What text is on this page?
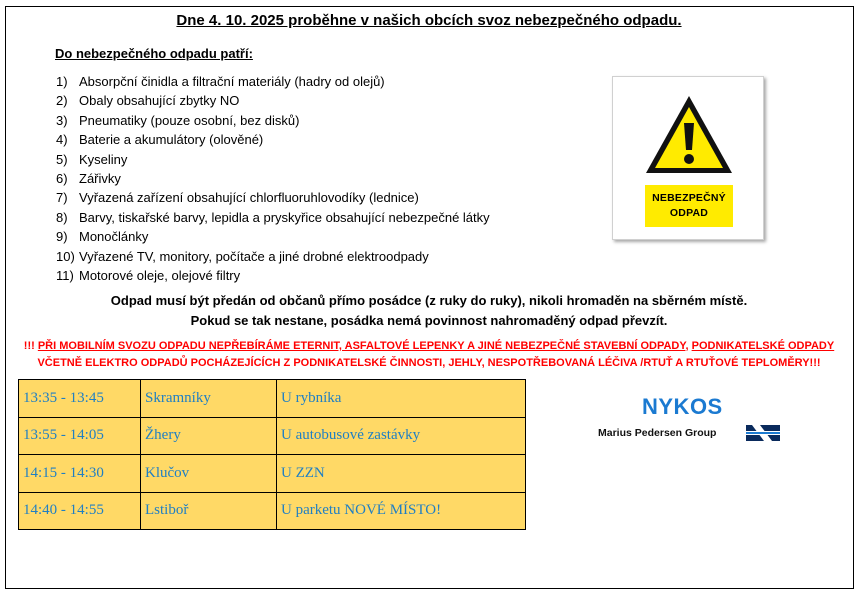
Dne 4. 10. 2025 proběhne v našich obcích svoz nebezpečného odpadu.
Do nebezpečného odpadu patří:
1) Absorpční činidla a filtrační materiály (hadry od olejů)
2) Obaly obsahující zbytky NO
3) Pneumatiky (pouze osobní, bez disků)
4) Baterie a akumulátory (olověné)
5) Kyseliny
6) Zářivky
7) Vyřazená zařízení obsahující chlorfluoruhlovodíky (lednice)
8) Barvy, tiskařské barvy, lepidla a pryskyřice obsahující nebezpečné látky
9) Monočlánky
10) Vyřazené TV, monitory, počítače a jiné drobné elektroodpady
11) Motorové oleje, olejové filtry
NEBEZPEČNÝ
ODPAD
Odpad musí být předán od občanů přímo posádce (z ruky do ruky), nikoli hromaděn na sběrném místě.
Pokud se tak nestane, posádka nemá povinnost nahromaděný odpad převzít.
!!! PŘI MOBILNÍM SVOZU ODPADU NEPŘEBÍRÁME ETERNIT, ASFALTOVÉ LEPENKY A JINÉ NEBEZPEČNÉ STAVEBNÍ ODPADY, PODNIKATELSKÉ ODPADY
VČETNĚ ELEKTRO ODPADŮ POCHÁZEJÍCÍCH Z PODNIKATELSKÉ ČINNOSTI, JEHLY, NESPOTŘEBOVANÁ LÉČIVA /RTUŤ A RTUŤOVÉ TEPLOMĚRY!!!
13:35 - 13:45	Skramníky	U rybníka
13:55 - 14:05	Žhery	U autobusové zastávky
14:15 - 14:30	Klučov	U ZZN
14:40 - 14:55	Lstiboř	U parketu NOVÉ MÍSTO!
NYKOS
Marius Pedersen Group
